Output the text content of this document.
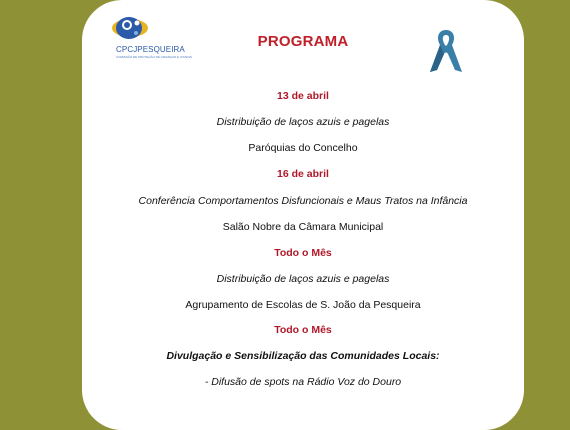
CPCJPESQUEIRA
COMISSÃO DE PROTEÇÃO DE CRIANÇAS E JOVENS
PROGRAMA
13 de abril
Distribuição de laços azuis e pagelas
Paróquias do Concelho
16 de abril
Conferência Comportamentos Disfuncionais e Maus Tratos na Infância
Salão Nobre da Câmara Municipal
Todo o Mês
Distribuição de laços azuis e pagelas
Agrupamento de Escolas de S. João da Pesqueira
Todo o Mês
Divulgação e Sensibilização das Comunidades Locais:
- Difusão de spots na Rádio Voz do Douro
